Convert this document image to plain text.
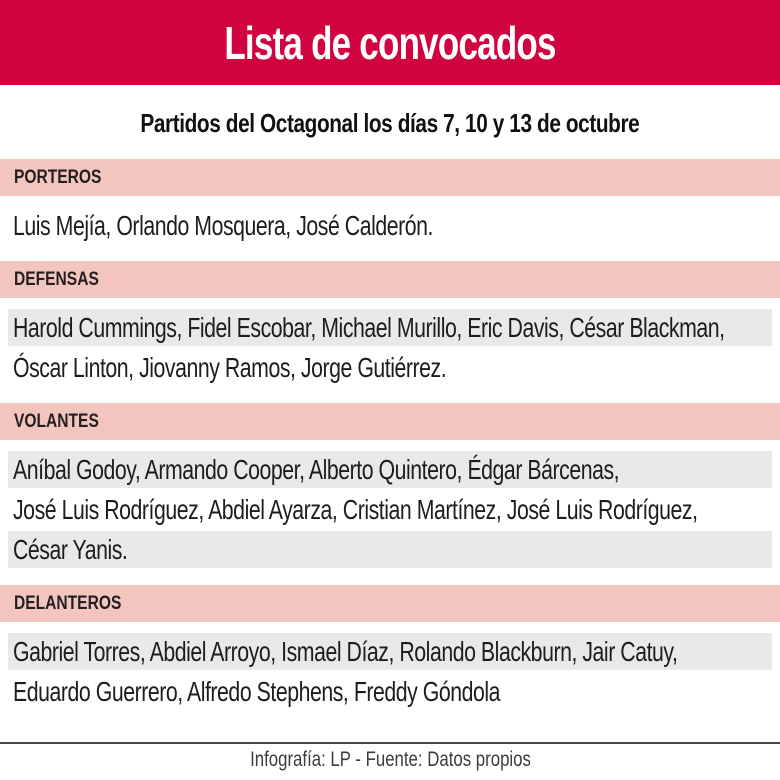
Lista de convocados
Partidos del Octagonal los días 7, 10 y 13 de octubre
PORTEROS
Luis Mejía, Orlando Mosquera, José Calderón.
DEFENSAS
Harold Cummings, Fidel Escobar, Michael Murillo, Eric Davis, César Blackman,
Óscar Linton, Jiovanny Ramos, Jorge Gutiérrez.
VOLANTES
Aníbal Godoy, Armando Cooper, Alberto Quintero, Édgar Bárcenas,
José Luis Rodríguez, Abdiel Ayarza, Cristian Martínez, José Luis Rodríguez,
César Yanis.
DELANTEROS
Gabriel Torres, Abdiel Arroyo, Ismael Díaz, Rolando Blackburn, Jair Catuy,
Eduardo Guerrero, Alfredo Stephens, Freddy Góndola
Infografía: LP - Fuente: Datos propios
